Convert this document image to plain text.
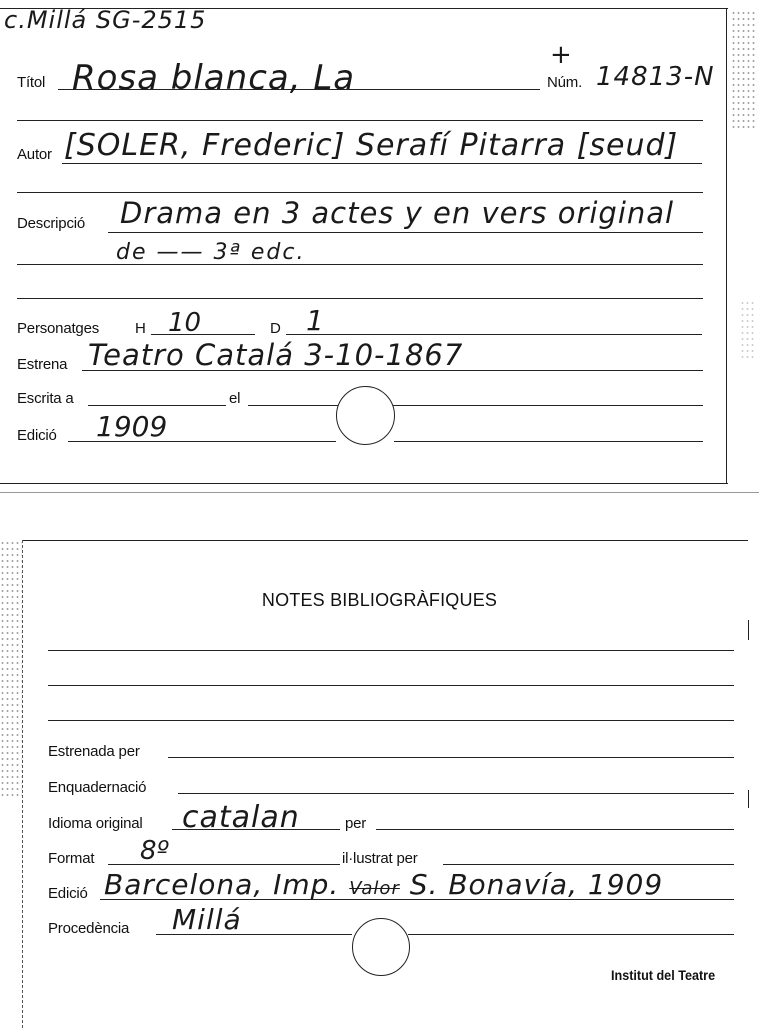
c.Millá SG-2515
Títol Rosa blanca, La
+
Núm. 14813-N
Autor [SOLER, Frederic] Serafí Pitarra [seud]
Descripció Drama en 3 actes y en vers original
de —— 3ª edc.
Personatges H 10	D 1
Estrena Teatro Catalá 3-10-1867
Escrita a	el
Edició 1909
NOTES BIBLIOGRÀFIQUES
Estrenada per
Enquadernació
Idioma original catalan	per
Format 8º	il·lustrat per
Edició Barcelona, Imp. Valor S. Bonavía, 1909
Procedència Millá
Institut del Teatre
